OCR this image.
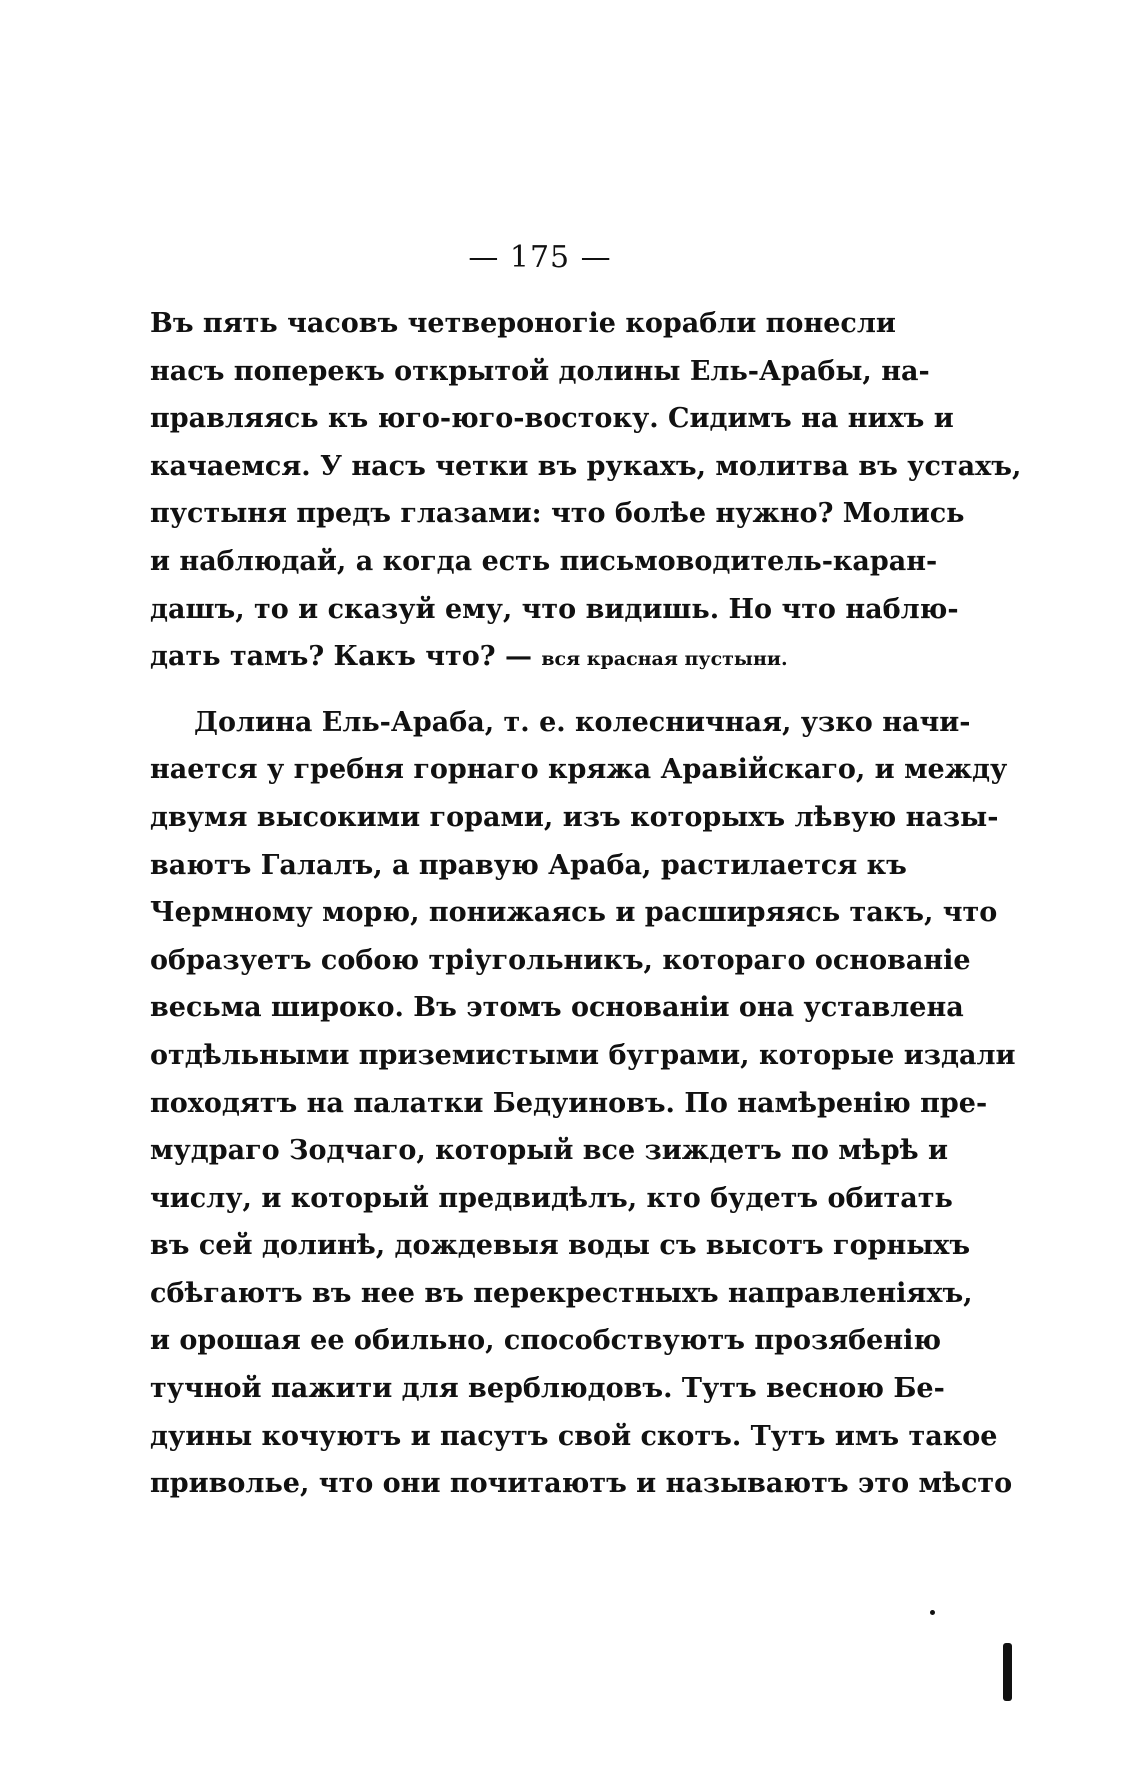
— 175 —
Въ пять часовъ четвероногіе корабли понесли
насъ поперекъ открытой долины Ель-Арабы, на-
правляясь къ юго-юго-востоку. Сидимъ на нихъ и
качаемся. У насъ четки въ рукахъ, молитва въ устахъ,
пустыня предъ глазами: что болѣе нужно? Молись
и наблюдай, а когда есть письмоводитель-каран-
дашъ, то и сказуй ему, что видишь. Но что наблю-
дать тамъ? Какъ что? — вся красная пустыни.
Долина Ель-Араба, т. е. колесничная, узко начи-
нается у гребня горнаго кряжа Аравійскаго, и между
двумя высокими горами, изъ которыхъ лѣвую назы-
ваютъ Галалъ, а правую Араба, растилается къ
Чермному морю, понижаясь и расширяясь такъ, что
образуетъ собою тріугольникъ, котораго основаніе
весьма широко. Въ этомъ основаніи она уставлена
отдѣльными приземистыми буграми, которые издали
походятъ на палатки Бедуиновъ. По намѣренію пре-
мудраго Зодчаго, который все зиждетъ по мѣрѣ и
числу, и который предвидѣлъ, кто будетъ обитать
въ сей долинѣ, дождевыя воды съ высотъ горныхъ
сбѣгаютъ въ нее въ перекрестныхъ направленіяхъ,
и орошая ее обильно, способствуютъ прозябенію
тучной пажити для верблюдовъ. Тутъ весною Бе-
дуины кочуютъ и пасутъ свой скотъ. Тутъ имъ такое
приволье, что они почитаютъ и называютъ это мѣсто
